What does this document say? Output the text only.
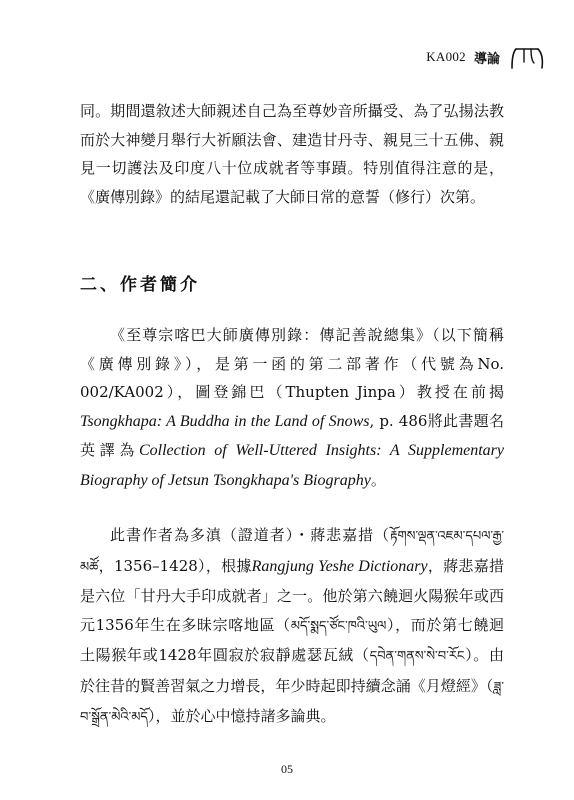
KA002 導論

同。期間還敘述大師親述自己為至尊妙音所攝受、為了弘揚法教而於大神變月舉行大祈願法會、建造甘丹寺、親見三十五佛、親見一切護法及印度八十位成就者等事蹟。特別值得注意的是，《廣傳別錄》的結尾還記載了大師日常的意誓（修行）次第。

二、作者簡介

《至尊宗喀巴大師廣傳別錄：傳記善說總集》（以下簡稱《廣傳別錄》），是第一函的第二部著作（代號為No. 002/KA002），圖登錦巴（Thupten Jinpa）教授在前揭Tsongkhapa: A Buddha in the Land of Snows, p. 486將此書題名英譯為Collection of Well-Uttered Insights: A Supplementary Biography of Jetsun Tsongkhapa's Biography。

此書作者為多滇（證道者）・蔣悲嘉措（རྟོགས་ལྡན་འཇམ་དཔལ་རྒྱ་མཚོ，1356–1428），根據Rangjung Yeshe Dictionary，蔣悲嘉措是六位「甘丹大手印成就者」之一。他於第六饒迴火陽猴年或西元1356年生在多昧宗喀地區（མདོ་སྨད་ཙོང་ཁའི་ཡུལ），而於第七饒迴土陽猴年或1428年圓寂於寂靜處瑟瓦絨（དབེན་གནས་སེ་བ་རོང）。由於往昔的賢善習氣之力增長，年少時起即持續念誦《月燈經》（ཟླ་བ་སྒྲོན་མེའི་མདོ），並於心中憶持諸多論典。

05
